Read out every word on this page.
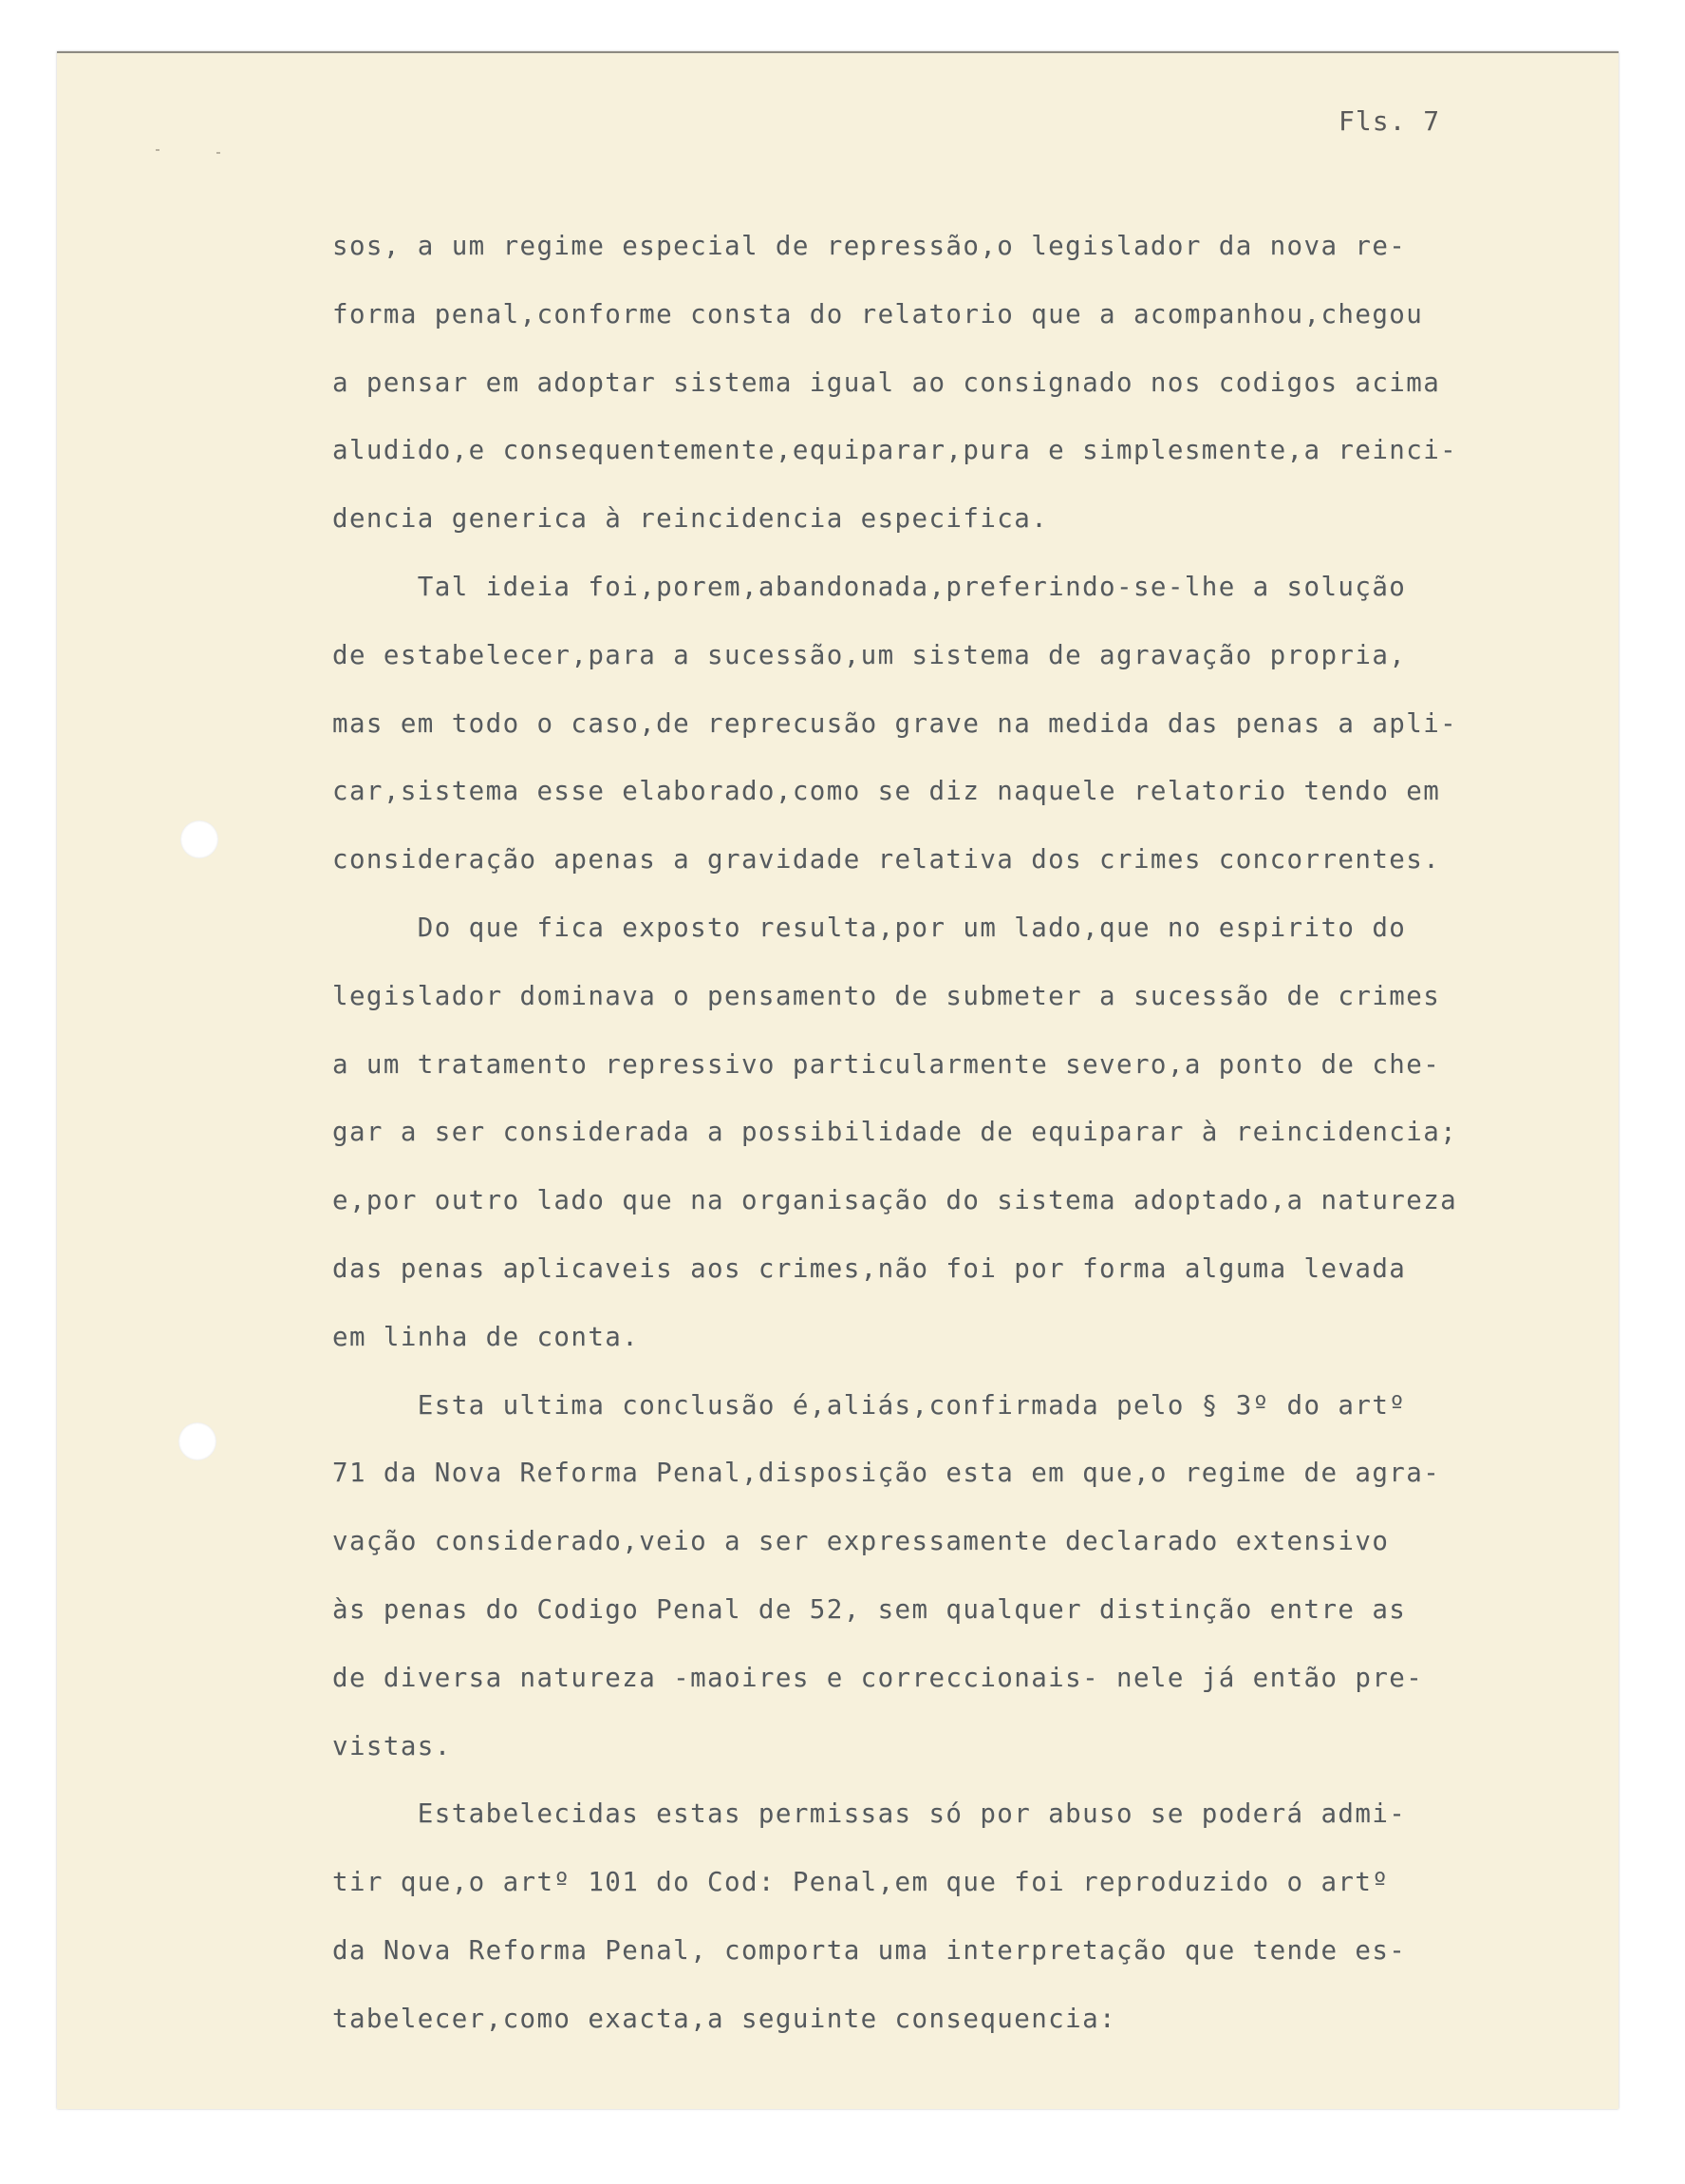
Fls. 7
sos, a um regime especial de repressão,o legislador da nova re-
forma penal,conforme consta do relatorio que a acompanhou,chegou
a pensar em adoptar sistema igual ao consignado nos codigos acima
aludido,e consequentemente,equiparar,pura e simplesmente,a reinci-
dencia generica à reincidencia especifica.
Tal ideia foi,porem,abandonada,preferindo-se-lhe a solução
de estabelecer,para a sucessão,um sistema de agravação propria,
mas em todo o caso,de reprecusão grave na medida das penas a apli-
car,sistema esse elaborado,como se diz naquele relatorio tendo em
consideração apenas a gravidade relativa dos crimes concorrentes.
Do que fica exposto resulta,por um lado,que no espirito do
legislador dominava o pensamento de submeter a sucessão de crimes
a um tratamento repressivo particularmente severo,a ponto de che-
gar a ser considerada a possibilidade de equiparar à reincidencia;
e,por outro lado que na organisação do sistema adoptado,a natureza
das penas aplicaveis aos crimes,não foi por forma alguma levada
em linha de conta.
Esta ultima conclusão é,aliás,confirmada pelo § 3º do artº
71 da Nova Reforma Penal,disposição esta em que,o regime de agra-
vação considerado,veio a ser expressamente declarado extensivo
às penas do Codigo Penal de 52, sem qualquer distinção entre as
de diversa natureza -maoires e correccionais- nele já então pre-
vistas.
Estabelecidas estas permissas só por abuso se poderá admi-
tir que,o artº 101 do Cod: Penal,em que foi reproduzido o artº
da Nova Reforma Penal, comporta uma interpretação que tende es-
tabelecer,como exacta,a seguinte consequencia:
